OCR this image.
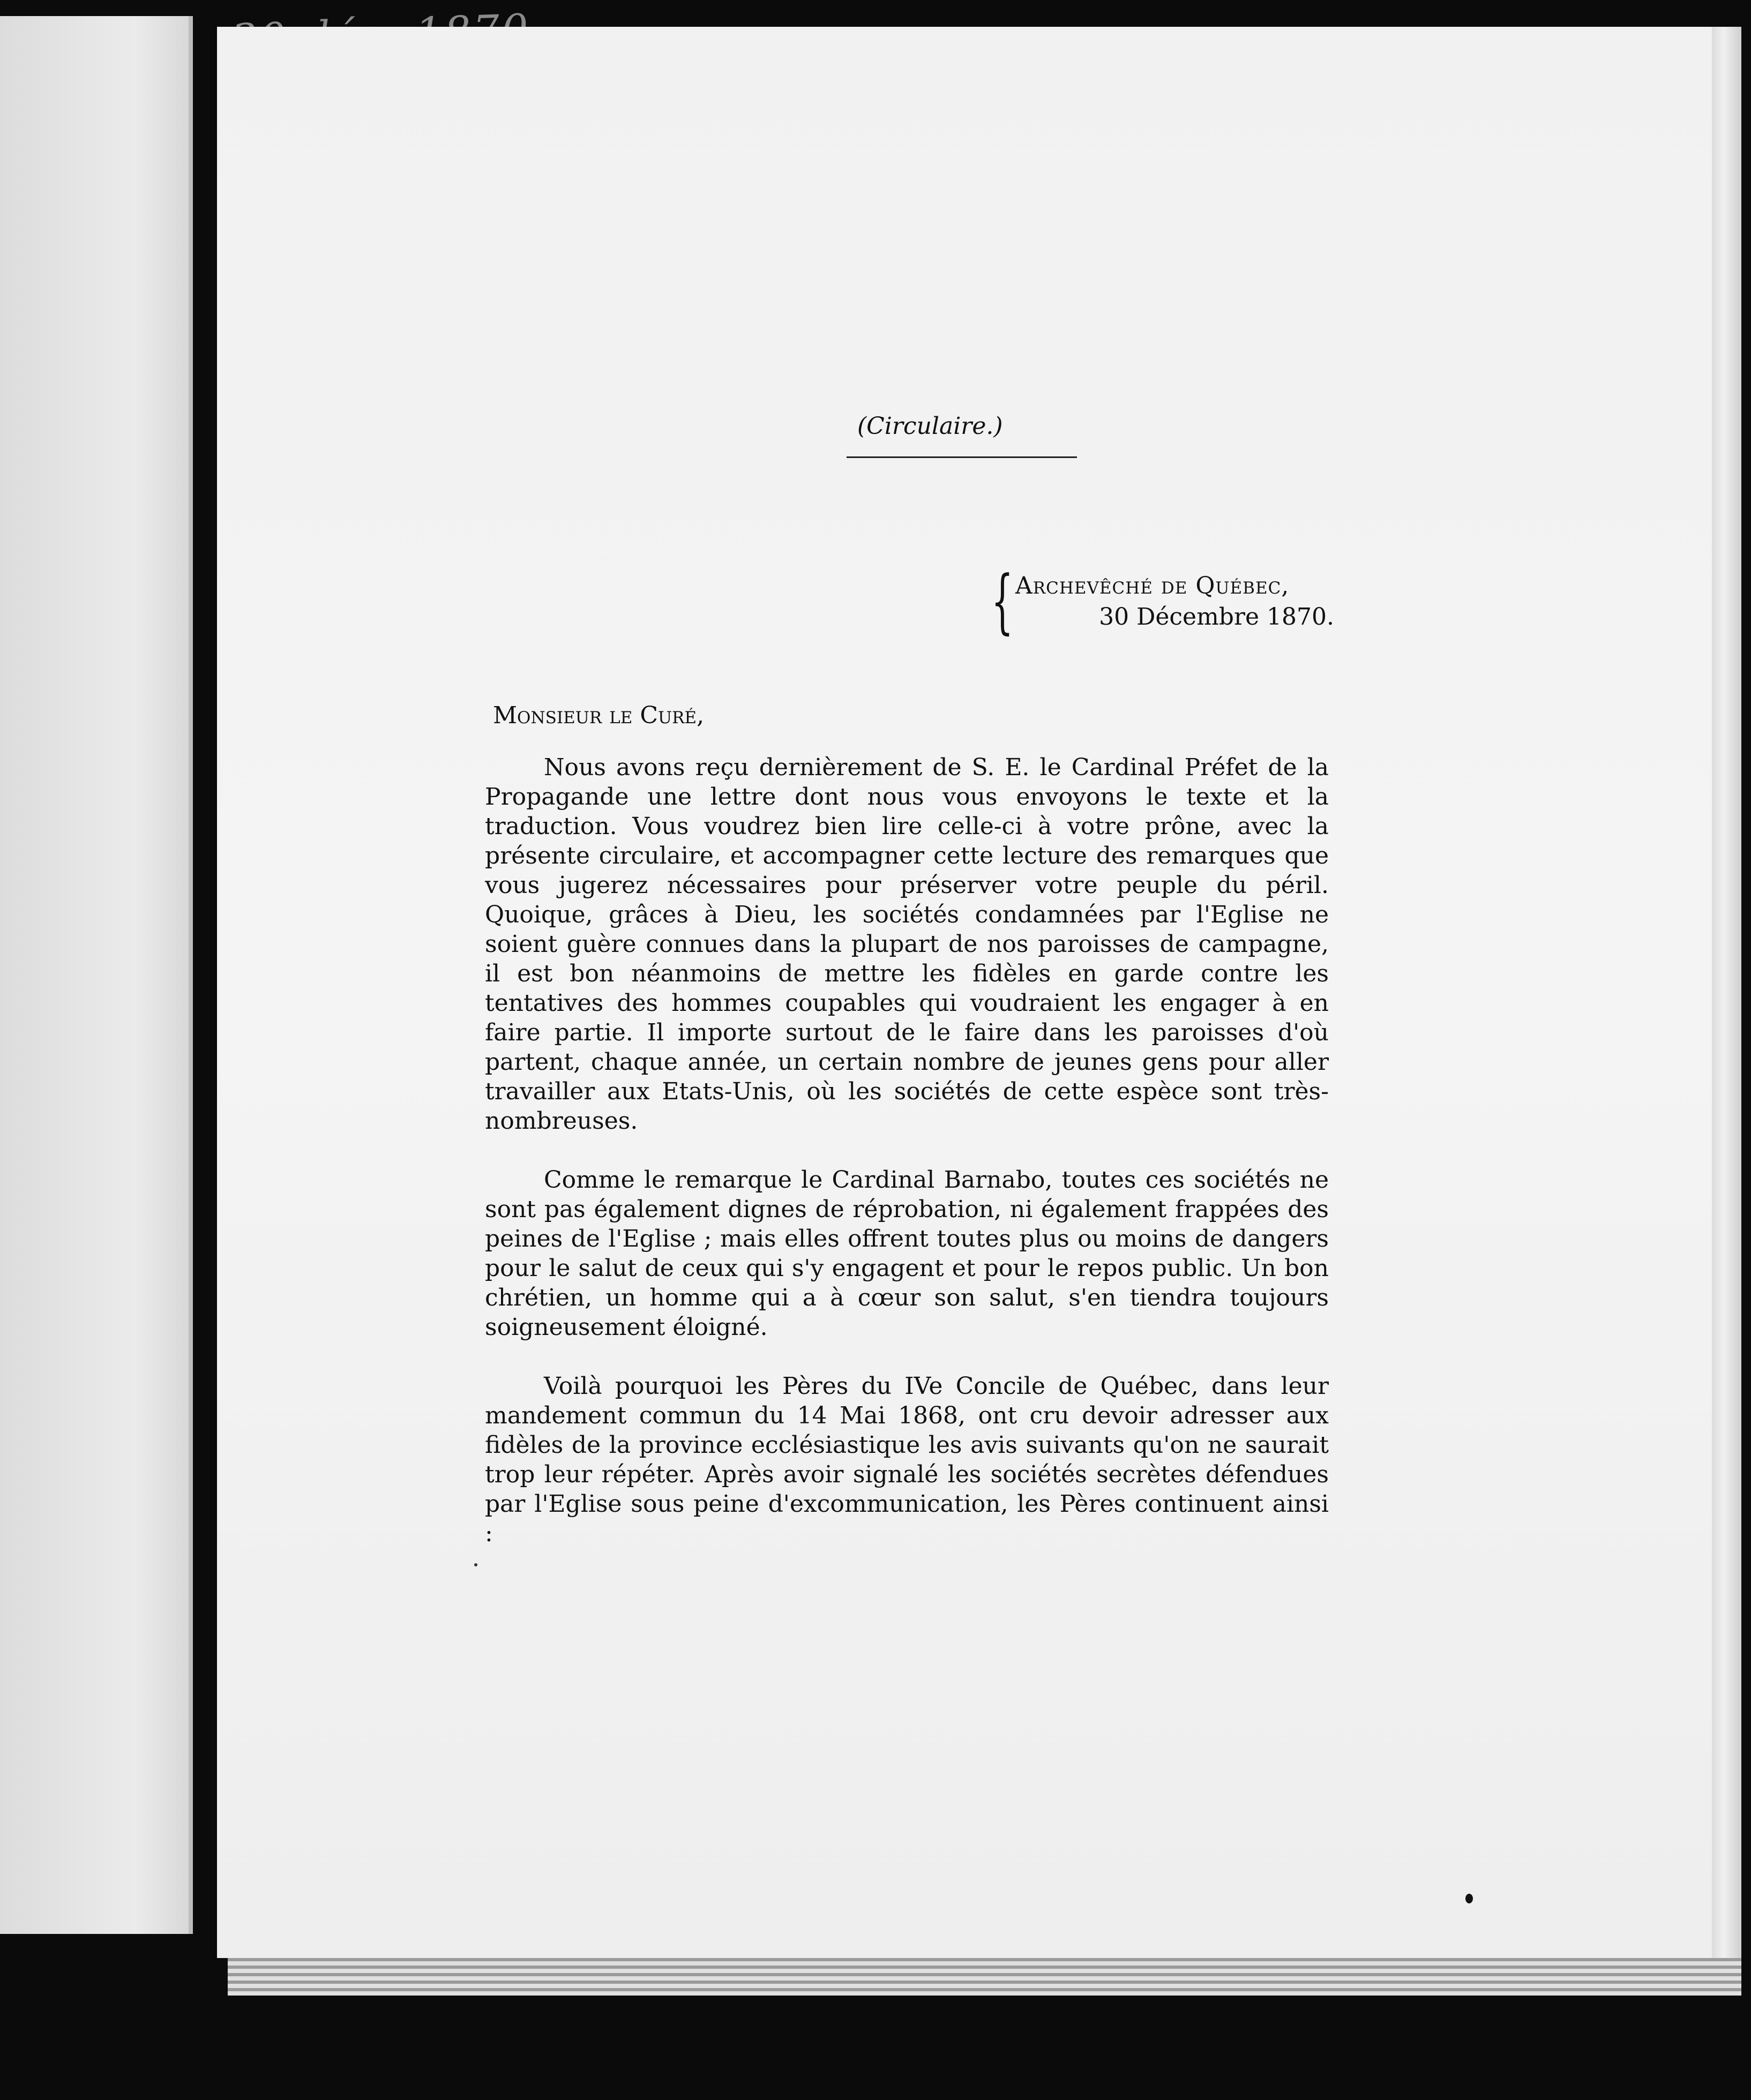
(Circulaire.)
{ Archevêché de Québec,
30 Décembre 1870.
Monsieur le Curé,

Nous avons reçu dernièrement de S. E. le Cardinal Préfet de la Propagande une lettre dont nous vous envoyons le texte et la traduction. Vous voudrez bien lire celle-ci à votre prône, avec la présente circulaire, et accompagner cette lecture des remarques que vous jugerez nécessaires pour préserver votre peuple du péril. Quoique, grâces à Dieu, les sociétés condamnées par l'Eglise ne soient guère connues dans la plupart de nos paroisses de campagne, il est bon néanmoins de mettre les fidèles en garde contre les tentatives des hommes coupables qui voudraient les engager à en faire partie. Il importe surtout de le faire dans les paroisses d'où partent, chaque année, un certain nombre de jeunes gens pour aller travailler aux Etats-Unis, où les sociétés de cette espèce sont très-nombreuses.

Comme le remarque le Cardinal Barnabo, toutes ces sociétés ne sont pas également dignes de réprobation, ni également frappées des peines de l'Eglise ; mais elles offrent toutes plus ou moins de dangers pour le salut de ceux qui s'y engagent et pour le repos public. Un bon chrétien, un homme qui a à cœur son salut, s'en tiendra toujours soigneusement éloigné.

Voilà pourquoi les Pères du IVe Concile de Québec, dans leur mandement commun du 14 Mai 1868, ont cru devoir adresser aux fidèles de la province ecclésiastique les avis suivants qu'on ne saurait trop leur répéter. Après avoir signalé les sociétés secrètes défendues par l'Eglise sous peine d'excommunication, les Pères continuent ainsi :
